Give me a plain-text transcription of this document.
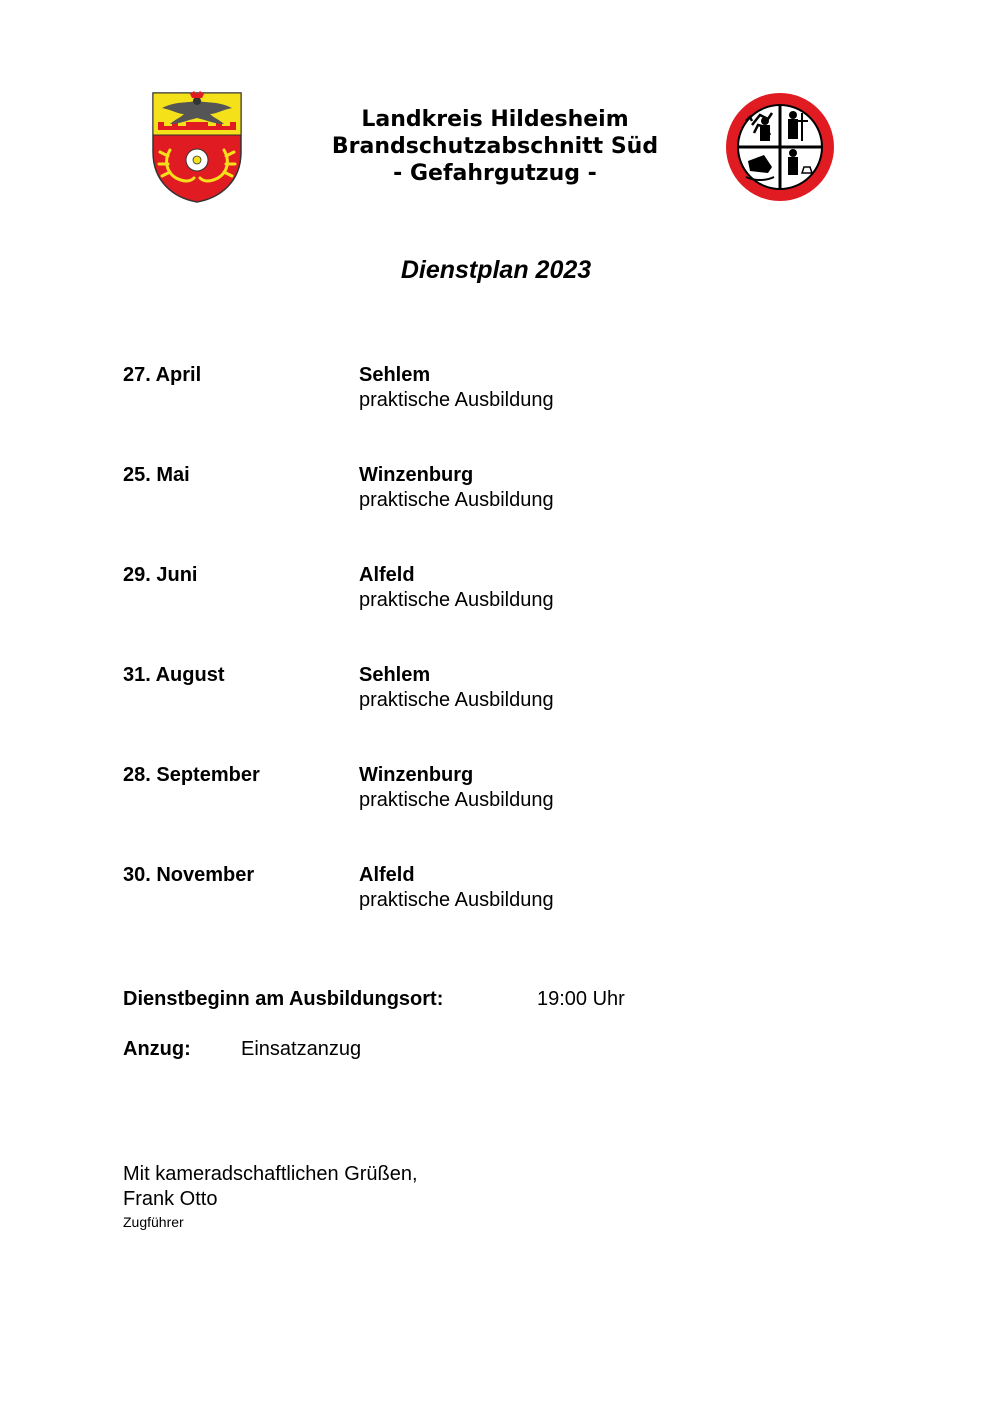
Landkreis Hildesheim
Brandschutzabschnitt Süd
- Gefahrgutzug -
Dienstplan 2023
27. April	Sehlem
praktische Ausbildung
25. Mai	Winzenburg
praktische Ausbildung
29. Juni	Alfeld
praktische Ausbildung
31. August	Sehlem
praktische Ausbildung
28. September	Winzenburg
praktische Ausbildung
30. November	Alfeld
praktische Ausbildung
Dienstbeginn am Ausbildungsort:	19:00 Uhr
Anzug:	Einsatzanzug
Mit kameradschaftlichen Grüßen,
Frank Otto
Zugführer
